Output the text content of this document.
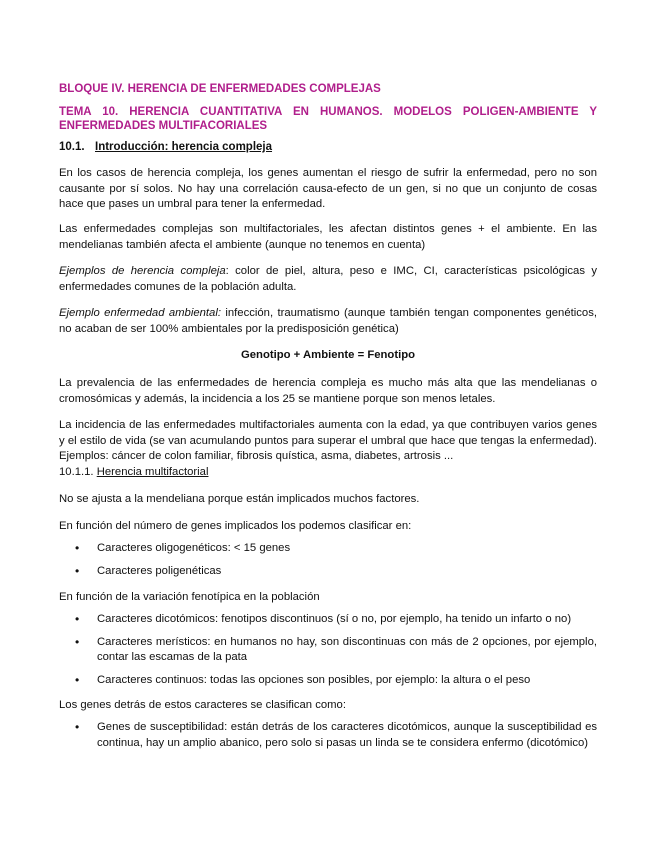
BLOQUE IV. HERENCIA DE ENFERMEDADES COMPLEJAS
TEMA 10. HERENCIA CUANTITATIVA EN HUMANOS. MODELOS POLIGEN-AMBIENTE Y ENFERMEDADES MULTIFACORIALES
10.1. Introducción: herencia compleja

En los casos de herencia compleja, los genes aumentan el riesgo de sufrir la enfermedad, pero no son causante por sí solos. No hay una correlación causa-efecto de un gen, si no que un conjunto de cosas hace que pases un umbral para tener la enfermedad.

Las enfermedades complejas son multifactoriales, les afectan distintos genes + el ambiente. En las mendelianas también afecta el ambiente (aunque no tenemos en cuenta)

Ejemplos de herencia compleja: color de piel, altura, peso e IMC, CI, características psicológicas y enfermedades comunes de la población adulta.

Ejemplo enfermedad ambiental: infección, traumatismo (aunque también tengan componentes genéticos, no acaban de ser 100% ambientales por la predisposición genética)

Genotipo + Ambiente = Fenotipo

La prevalencia de las enfermedades de herencia compleja es mucho más alta que las mendelianas o cromosómicas y además, la incidencia a los 25 se mantiene porque son menos letales.

La incidencia de las enfermedades multifactoriales aumenta con la edad, ya que contribuyen varios genes y el estilo de vida (se van acumulando puntos para superar el umbral que hace que tengas la enfermedad). Ejemplos: cáncer de colon familiar, fibrosis quística, asma, diabetes, artrosis ...

10.1.1. Herencia multifactorial

No se ajusta a la mendeliana porque están implicados muchos factores.

En función del número de genes implicados los podemos clasificar en:

• Caracteres oligogenéticos: < 15 genes
• Caracteres poligenéticas

En función de la variación fenotípica en la población

• Caracteres dicotómicos: fenotipos discontinuos (sí o no, por ejemplo, ha tenido un infarto o no)
• Caracteres merísticos: en humanos no hay, son discontinuas con más de 2 opciones, por ejemplo, contar las escamas de la pata
• Caracteres continuos: todas las opciones son posibles, por ejemplo: la altura o el peso

Los genes detrás de estos caracteres se clasifican como:

• Genes de susceptibilidad: están detrás de los caracteres dicotómicos, aunque la susceptibilidad es continua, hay un amplio abanico, pero solo si pasas un linda se te considera enfermo (dicotómico)
